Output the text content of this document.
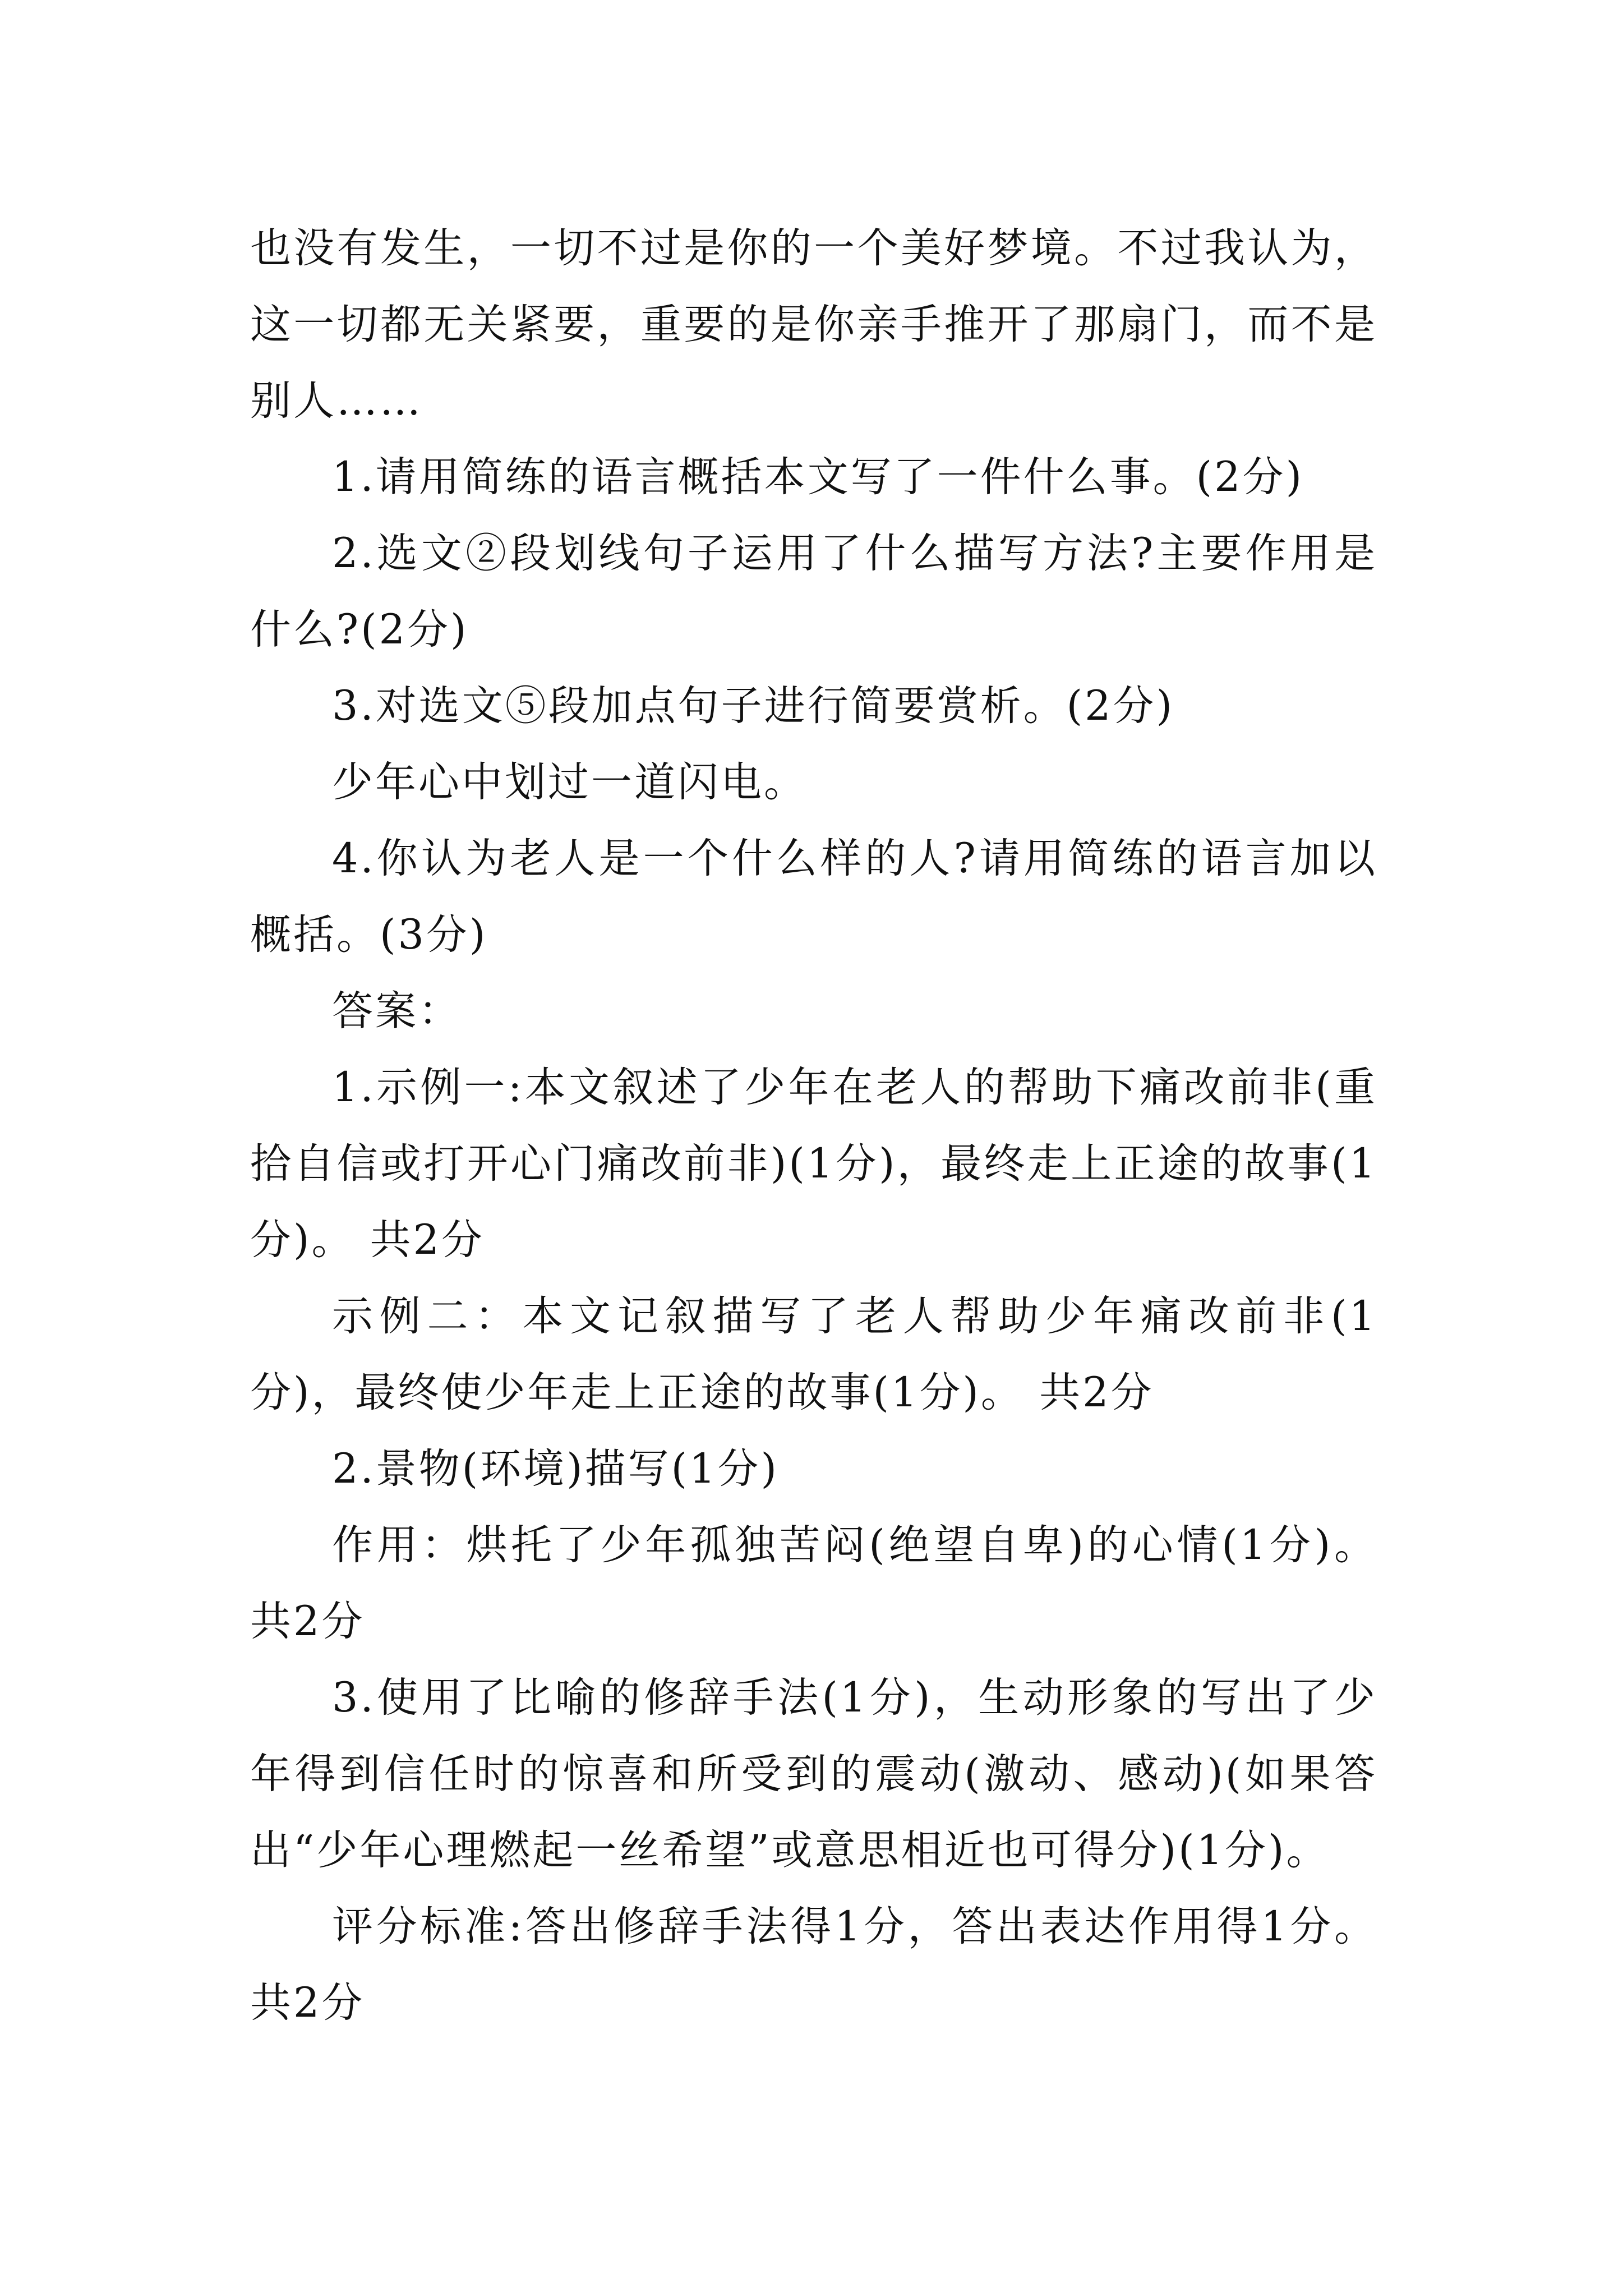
也没有发生，一切不过是你的一个美好梦境。不过我认为，这一切都无关紧要，重要的是你亲手推开了那扇门，而不是别人……

1.请用简练的语言概括本文写了一件什么事。(2分)

2.选文②段划线句子运用了什么描写方法?主要作用是什么?(2分)

3.对选文⑤段加点句子进行简要赏析。(2分)

少年心中划过一道闪电。

4.你认为老人是一个什么样的人?请用简练的语言加以概括。(3分)

答案：

1.示例一:本文叙述了少年在老人的帮助下痛改前非(重拾自信或打开心门痛改前非)(1分)，最终走上正途的故事(1分)。 共2分

示例二：本文记叙描写了老人帮助少年痛改前非(1分)，最终使少年走上正途的故事(1分)。 共2分

2.景物(环境)描写(1分)

作用：烘托了少年孤独苦闷(绝望自卑)的心情(1分)。共2分

3.使用了比喻的修辞手法(1分)，生动形象的写出了少年得到信任时的惊喜和所受到的震动(激动、感动)(如果答出“少年心理燃起一丝希望”或意思相近也可得分)(1分)。

评分标准:答出修辞手法得1分，答出表达作用得1分。共2分
